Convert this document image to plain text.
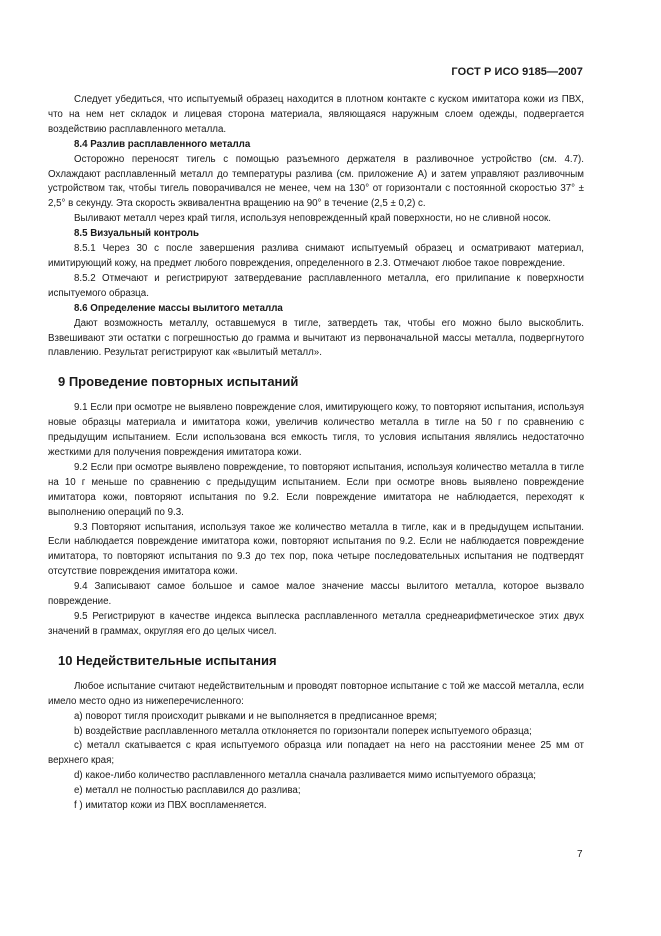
ГОСТ Р ИСО 9185—2007

Следует убедиться, что испытуемый образец находится в плотном контакте с куском имитатора кожи из ПВХ, что на нем нет складок и лицевая сторона материала, являющаяся наружным слоем одежды, подвергается воздействию расплавленного металла.

8.4 Разлив расплавленного металла

Осторожно переносят тигель с помощью разъемного держателя в разливочное устройство (см. 4.7). Охлаждают расплавленный металл до температуры разлива (см. приложение А) и затем управляют разливочным устройством так, чтобы тигель поворачивался не менее, чем на 130° от горизонтали с постоянной скоростью 37° ± 2,5° в секунду. Эта скорость эквивалентна вращению на 90° в течение (2,5 ± 0,2) с.

Выливают металл через край тигля, используя неповрежденный край поверхности, но не сливной носок.

8.5 Визуальный контроль

8.5.1 Через 30 с после завершения разлива снимают испытуемый образец и осматривают материал, имитирующий кожу, на предмет любого повреждения, определенного в 2.3. Отмечают любое такое повреждение.

8.5.2 Отмечают и регистрируют затвердевание расплавленного металла, его прилипание к поверхности испытуемого образца.

8.6 Определение массы вылитого металла

Дают возможность металлу, оставшемуся в тигле, затвердеть так, чтобы его можно было выскоблить. Взвешивают эти остатки с погрешностью до грамма и вычитают из первоначальной массы металла, подвергнутого плавлению. Результат регистрируют как «вылитый металл».

9 Проведение повторных испытаний

9.1 Если при осмотре не выявлено повреждение слоя, имитирующего кожу, то повторяют испытания, используя новые образцы материала и имитатора кожи, увеличив количество металла в тигле на 50 г по сравнению с предыдущим испытанием. Если использована вся емкость тигля, то условия испытания являлись недостаточно жесткими для получения повреждения имитатора кожи.

9.2 Если при осмотре выявлено повреждение, то повторяют испытания, используя количество металла в тигле на 10 г меньше по сравнению с предыдущим испытанием. Если при осмотре вновь выявлено повреждение имитатора кожи, повторяют испытания по 9.2. Если повреждение имитатора не наблюдается, переходят к выполнению операций по 9.3.

9.3 Повторяют испытания, используя такое же количество металла в тигле, как и в предыдущем испытании. Если наблюдается повреждение имитатора кожи, повторяют испытания по 9.2. Если не наблюдается повреждение имитатора, то повторяют испытания по 9.3 до тех пор, пока четыре последовательных испытания не подтвердят отсутствие повреждения имитатора кожи.

9.4 Записывают самое большое и самое малое значение массы вылитого металла, которое вызвало повреждение.

9.5 Регистрируют в качестве индекса выплеска расплавленного металла среднеарифметическое этих двух значений в граммах, округляя его до целых чисел.

10 Недействительные испытания

Любое испытание считают недействительным и проводят повторное испытание с той же массой металла, если имело место одно из нижеперечисленного:

а) поворот тигля происходит рывками и не выполняется в предписанное время;

b) воздействие расплавленного металла отклоняется по горизонтали поперек испытуемого образца;

с) металл скатывается с края испытуемого образца или попадает на него на расстоянии менее 25 мм от верхнего края;

d) какое-либо количество расплавленного металла сначала разливается мимо испытуемого образца;

е) металл не полностью расплавился до разлива;

f ) имитатор кожи из ПВХ воспламеняется.

7
